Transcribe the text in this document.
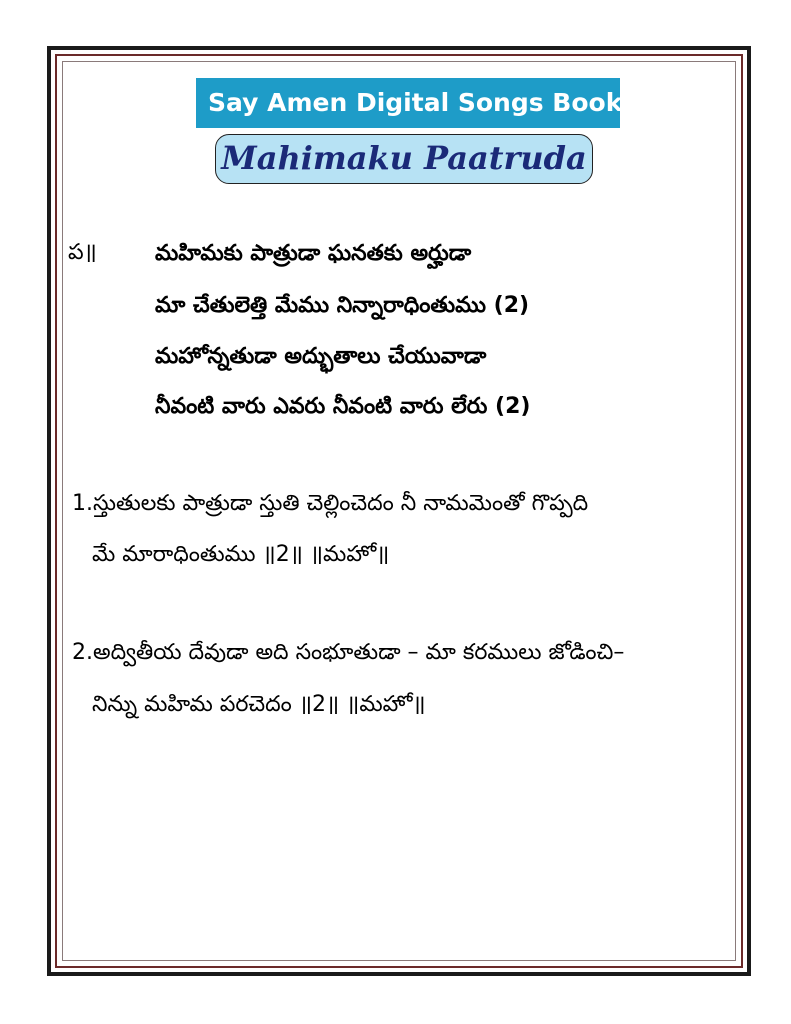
Say Amen Digital Songs Book
Mahimaku Paatruda
ప॥	మహిమకు పాత్రుడా ఘనతకు అర్హుడా
మా చేతులెత్తి మేము నిన్నారాధింతుము (2)
మహోన్నతుడా అద్భుతాలు చేయువాడా
నీవంటి వారు ఎవరు నీవంటి వారు లేరు (2)
1.స్తుతులకు పాత్రుడా స్తుతి చెల్లించెదం నీ నామమెంతో గొప్పది
మే మారాధింతుము ॥2॥ ॥మహో॥
2.అద్వితీయ దేవుడా అది సంభూతుడా – మా కరములు జోడించి–
నిన్ను మహిమ పరచెదం ॥2॥ ॥మహో॥
